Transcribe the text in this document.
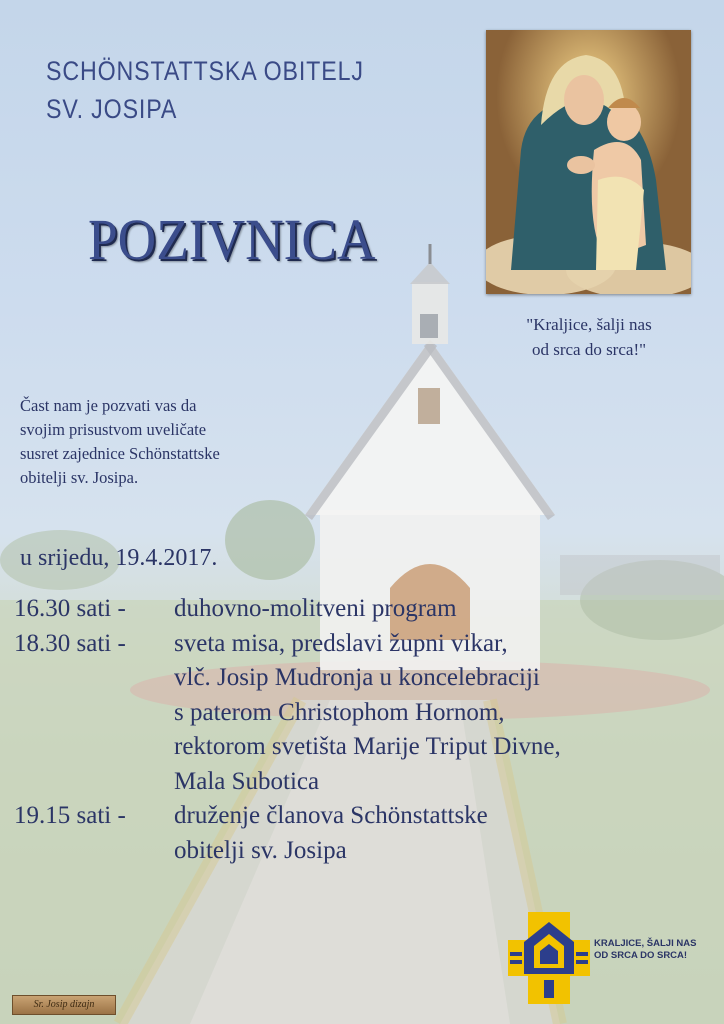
SCHÖNSTATTSKA OBITELJ
SV. JOSIPA
POZIVNICA
"Kraljice, šalji nas
od srca do srca!"
Čast nam je pozvati vas da
svojim prisustvom uveličate
susret zajednice Schönstattske
obitelji sv. Josipa.
u srijedu, 19.4.2017.
16.30 sati -	duhovno-molitveni program
18.30 sati -	sveta misa, predslavi župni vikar,
vlč. Josip Mudronja u koncelebraciji
s paterom Christophom Hornom,
rektorom svetišta Marije Triput Divne,
Mala Subotica
19.15 sati -	druženje članova Schönstattske
obitelji sv. Josipa
KRALJICE, ŠALJI NAS
OD SRCA DO SRCA!
Sr. Josip dizajn
